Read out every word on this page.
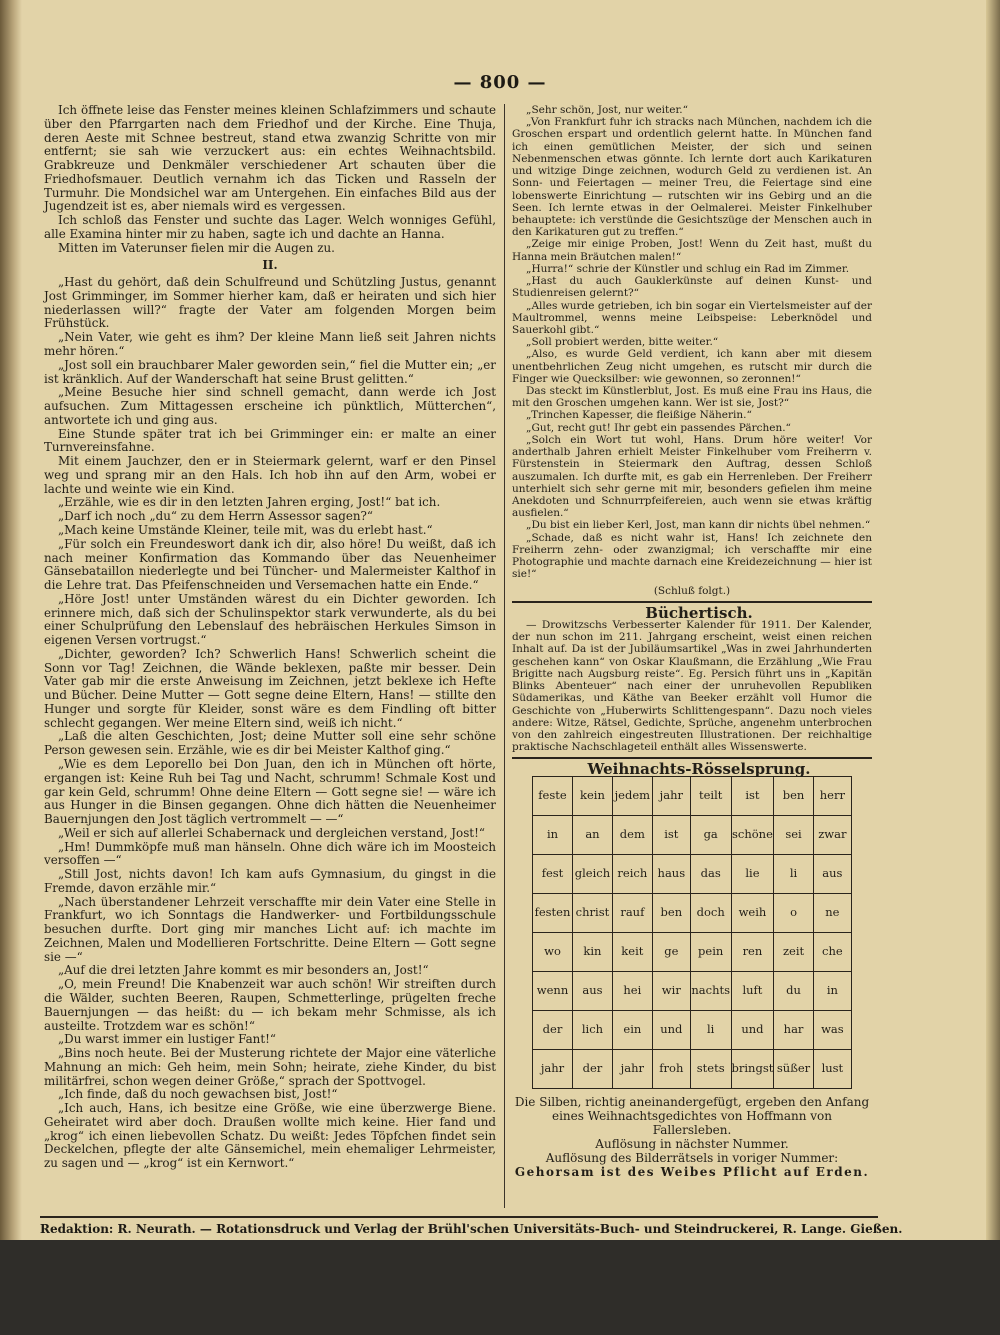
— 800 —

Ich öffnete leise das Fenster meines kleinen Schlafzimmers und schaute über den Pfarrgarten nach dem Friedhof und der Kirche. Eine Thuja, deren Aeste mit Schnee bestreut, stand etwa zwanzig Schritte von mir entfernt; sie sah wie verzuckert aus: ein echtes Weihnachtsbild. Grabkreuze und Denkmäler verschiedener Art schauten über die Friedhofsmauer. Deutlich vernahm ich das Ticken und Rasseln der Turmuhr. Die Mondsichel war am Untergehen. Ein einfaches Bild aus der Jugendzeit ist es, aber niemals wird es vergessen.

Ich schloß das Fenster und suchte das Lager. Welch wonniges Gefühl, alle Examina hinter mir zu haben, sagte ich und dachte an Hanna.

Mitten im Vaterunser fielen mir die Augen zu.

II.

„Hast du gehört, daß dein Schulfreund und Schützling Justus, genannt Jost Grimminger, im Sommer hierher kam, daß er heiraten und sich hier niederlassen will?“ fragte der Vater am folgenden Morgen beim Frühstück.

„Nein Vater, wie geht es ihm? Der kleine Mann ließ seit Jahren nichts mehr hören.“

„Jost soll ein brauchbarer Maler geworden sein,“ fiel die Mutter ein; „er ist kränklich. Auf der Wanderschaft hat seine Brust gelitten.“

„Meine Besuche hier sind schnell gemacht, dann werde ich Jost aufsuchen. Zum Mittagessen erscheine ich pünktlich, Mütterchen“, antwortete ich und ging aus.

Eine Stunde später trat ich bei Grimminger ein: er malte an einer Turnvereinsfahne.

Mit einem Jauchzer, den er in Steiermark gelernt, warf er den Pinsel weg und sprang mir an den Hals. Ich hob ihn auf den Arm, wobei er lachte und weinte wie ein Kind.

„Erzähle, wie es dir in den letzten Jahren erging, Jost!“ bat ich.

„Darf ich noch „du“ zu dem Herrn Assessor sagen?“

„Mach keine Umstände Kleiner, teile mit, was du erlebt hast.“

„Für solch ein Freundeswort dank ich dir, also höre! Du weißt, daß ich nach meiner Konfirmation das Kommando über das Neuenheimer Gänsebataillon niederlegte und bei Tüncher- und Malermeister Kalthof in die Lehre trat. Das Pfeifenschneiden und Versemachen hatte ein Ende.“

„Höre Jost! unter Umständen wärest du ein Dichter geworden. Ich erinnere mich, daß sich der Schulinspektor stark verwunderte, als du bei einer Schulprüfung den Lebenslauf des hebräischen Herkules Simson in eigenen Versen vortrugst.“

„Dichter, geworden? Ich? Schwerlich Hans! Schwerlich scheint die Sonn vor Tag! Zeichnen, die Wände beklexen, paßte mir besser. Dein Vater gab mir die erste Anweisung im Zeichnen, jetzt beklexe ich Hefte und Bücher. Deine Mutter — Gott segne deine Eltern, Hans! — stillte den Hunger und sorgte für Kleider, sonst wäre es dem Findling oft bitter schlecht gegangen. Wer meine Eltern sind, weiß ich nicht.“

„Laß die alten Geschichten, Jost; deine Mutter soll eine sehr schöne Person gewesen sein. Erzähle, wie es dir bei Meister Kalthof ging.“

„Wie es dem Leporello bei Don Juan, den ich in München oft hörte, ergangen ist: Keine Ruh bei Tag und Nacht, schrumm! Schmale Kost und gar kein Geld, schrumm! Ohne deine Eltern — Gott segne sie! — wäre ich aus Hunger in die Binsen gegangen. Ohne dich hätten die Neuenheimer Bauernjungen den Jost täglich vertrommelt — —“

„Weil er sich auf allerlei Schabernack und dergleichen verstand, Jost!“

„Hm! Dummköpfe muß man hänseln. Ohne dich wäre ich im Moosteich versoffen —“

„Still Jost, nichts davon! Ich kam aufs Gymnasium, du gingst in die Fremde, davon erzähle mir.“

„Nach überstandener Lehrzeit verschaffte mir dein Vater eine Stelle in Frankfurt, wo ich Sonntags die Handwerker- und Fortbildungsschule besuchen durfte. Dort ging mir manches Licht auf: ich machte im Zeichnen, Malen und Modellieren Fortschritte. Deine Eltern — Gott segne sie —“

„Auf die drei letzten Jahre kommt es mir besonders an, Jost!“

„O, mein Freund! Die Knabenzeit war auch schön! Wir streiften durch die Wälder, suchten Beeren, Raupen, Schmetterlinge, prügelten freche Bauernjungen — das heißt: du — ich bekam mehr Schmisse, als ich austeilte. Trotzdem war es schön!“

„Du warst immer ein lustiger Fant!“

„Bins noch heute. Bei der Musterung richtete der Major eine väterliche Mahnung an mich: Geh heim, mein Sohn; heirate, ziehe Kinder, du bist militärfrei, schon wegen deiner Größe,“ sprach der Spottvogel.

„Ich finde, daß du noch gewachsen bist, Jost!“

„Ich auch, Hans, ich besitze eine Größe, wie eine überzwerge Biene. Geheiratet wird aber doch. Draußen wollte mich keine. Hier fand und „krog“ ich einen liebevollen Schatz. Du weißt: Jedes Töpfchen findet sein Deckelchen, pflegte der alte Gänsemichel, mein ehemaliger Lehrmeister, zu sagen und — „krog“ ist ein Kernwort.“

„Sehr schön, Jost, nur weiter.“

„Von Frankfurt fuhr ich stracks nach München, nachdem ich die Groschen erspart und ordentlich gelernt hatte. In München fand ich einen gemütlichen Meister, der sich und seinen Nebenmenschen etwas gönnte. Ich lernte dort auch Karikaturen und witzige Dinge zeichnen, wodurch Geld zu verdienen ist. An Sonn- und Feiertagen — meiner Treu, die Feiertage sind eine lobenswerte Einrichtung — rutschten wir ins Gebirg und an die Seen. Ich lernte etwas in der Oelmalerei. Meister Finkelhuber behauptete: ich verstünde die Gesichtszüge der Menschen auch in den Karikaturen gut zu treffen.“

„Zeige mir einige Proben, Jost! Wenn du Zeit hast, mußt du Hanna mein Bräutchen malen!“

„Hurra!“ schrie der Künstler und schlug ein Rad im Zimmer.

„Hast du auch Gauklerkünste auf deinen Kunst- und Studienreisen gelernt?“

„Alles wurde getrieben, ich bin sogar ein Viertelsmeister auf der Maultrommel, wenns meine Leibspeise: Leberknödel und Sauerkohl gibt.“

„Soll probiert werden, bitte weiter.“

„Also, es wurde Geld verdient, ich kann aber mit diesem unentbehrlichen Zeug nicht umgehen, es rutscht mir durch die Finger wie Quecksilber: wie gewonnen, so zeronnen!“

Das steckt im Künstlerblut, Jost. Es muß eine Frau ins Haus, die mit den Groschen umgehen kann. Wer ist sie, Jost?“

„Trinchen Kapesser, die fleißige Näherin.“

„Gut, recht gut! Ihr gebt ein passendes Pärchen.“

„Solch ein Wort tut wohl, Hans. Drum höre weiter! Vor anderthalb Jahren erhielt Meister Finkelhuber vom Freiherrn v. Fürstenstein in Steiermark den Auftrag, dessen Schloß auszumalen. Ich durfte mit, es gab ein Herrenleben. Der Freiherr unterhielt sich sehr gerne mit mir, besonders gefielen ihm meine Anekdoten und Schnurrpfeifereien, auch wenn sie etwas kräftig ausfielen.“

„Du bist ein lieber Kerl, Jost, man kann dir nichts übel nehmen.“

„Schade, daß es nicht wahr ist, Hans! Ich zeichnete den Freiherrn zehn- oder zwanzigmal; ich verschaffte mir eine Photographie und machte darnach eine Kreidezeichnung — hier ist sie!“

(Schluß folgt.)

Büchertisch.

— Drowitzschs Verbesserter Kalender für 1911. Der Kalender, der nun schon im 211. Jahrgang erscheint, weist einen reichen Inhalt auf. Da ist der Jubiläumsartikel „Was in zwei Jahrhunderten geschehen kann“ von Oskar Klaußmann, die Erzählung „Wie Frau Brigitte nach Augsburg reiste“. Eg. Persich führt uns in „Kapitän Blinks Abenteuer“ nach einer der unruhevollen Republiken Südamerikas, und Käthe van Beeker erzählt voll Humor die Geschichte von „Huberwirts Schlittengespann“. Dazu noch vieles andere: Witze, Rätsel, Gedichte, Sprüche, angenehm unterbrochen von den zahlreich eingestreuten Illustrationen. Der reichhaltige praktische Nachschlageteil enthält alles Wissenswerte.

Weihnachts-Rösselsprung.

feste	kein	jedem	jahr	teilt	ist	ben	herr
in	an	dem	ist	ga	schöne	sei	zwar
fest	gleich	reich	haus	das	lie	li	aus
festen	christ	rauf	ben	doch	weih	o	ne
wo	kin	keit	ge	pein	ren	zeit	che
wenn	aus	hei	wir	nachts	luft	du	in
der	lich	ein	und	li	und	har	was
jahr	der	jahr	froh	stets	bringst	süßer	lust
Die Silben, richtig aneinandergefügt, ergeben den Anfang eines Weihnachtsgedichtes von Hoffmann von Fallersleben.
Auflösung in nächster Nummer.
Auflösung des Bilderrätsels in voriger Nummer:
Gehorsam ist des Weibes Pflicht auf Erden.
Redaktion: R. Neurath. — Rotationsdruck und Verlag der Brühl'schen Universitäts-Buch- und Steindruckerei, R. Lange. Gießen.
